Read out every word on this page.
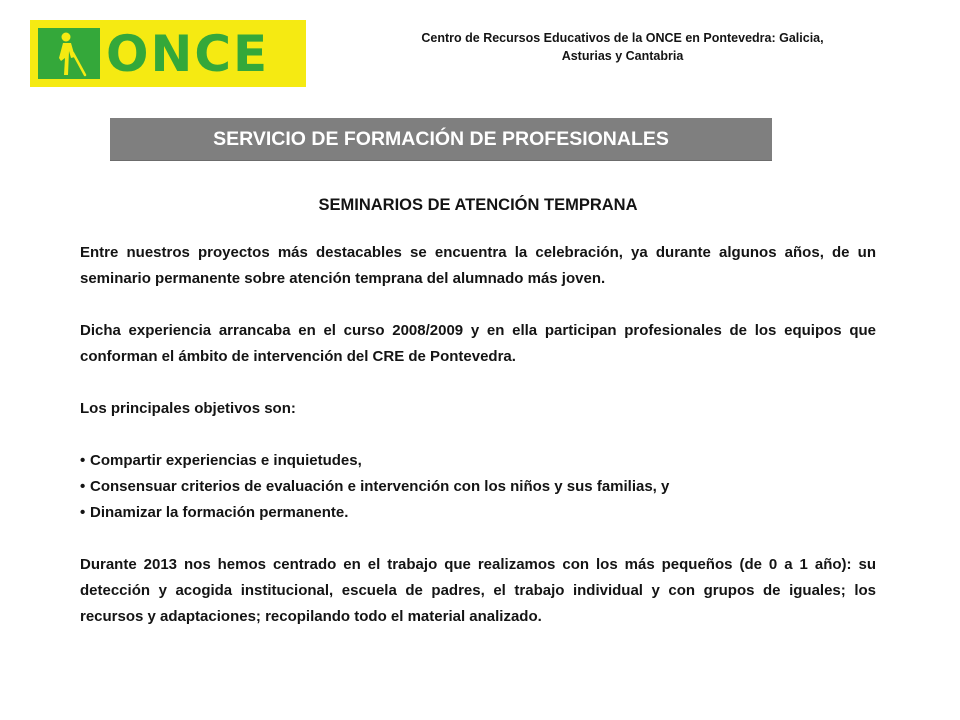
ONCE	Centro de Recursos Educativos de la ONCE en Pontevedra: Galicia,
Asturias y Cantabria
SERVICIO DE FORMACIÓN DE PROFESIONALES
SEMINARIOS DE ATENCIÓN TEMPRANA

Entre nuestros proyectos más destacables se encuentra la celebración, ya durante algunos años, de un seminario permanente sobre atención temprana del alumnado más joven.

Dicha experiencia arrancaba en el curso 2008/2009 y en ella participan profesionales de los equipos que conforman el ámbito de intervención del CRE de Pontevedra.

Los principales objetivos son:

• Compartir experiencias e inquietudes,
• Consensuar criterios de evaluación e intervención con los niños y sus familias, y
• Dinamizar la formación permanente.

Durante 2013 nos hemos centrado en el trabajo que realizamos con los más pequeños (de 0 a 1 año): su detección y acogida institucional, escuela de padres, el trabajo individual y con grupos de iguales; los recursos y adaptaciones; recopilando todo el material analizado.
